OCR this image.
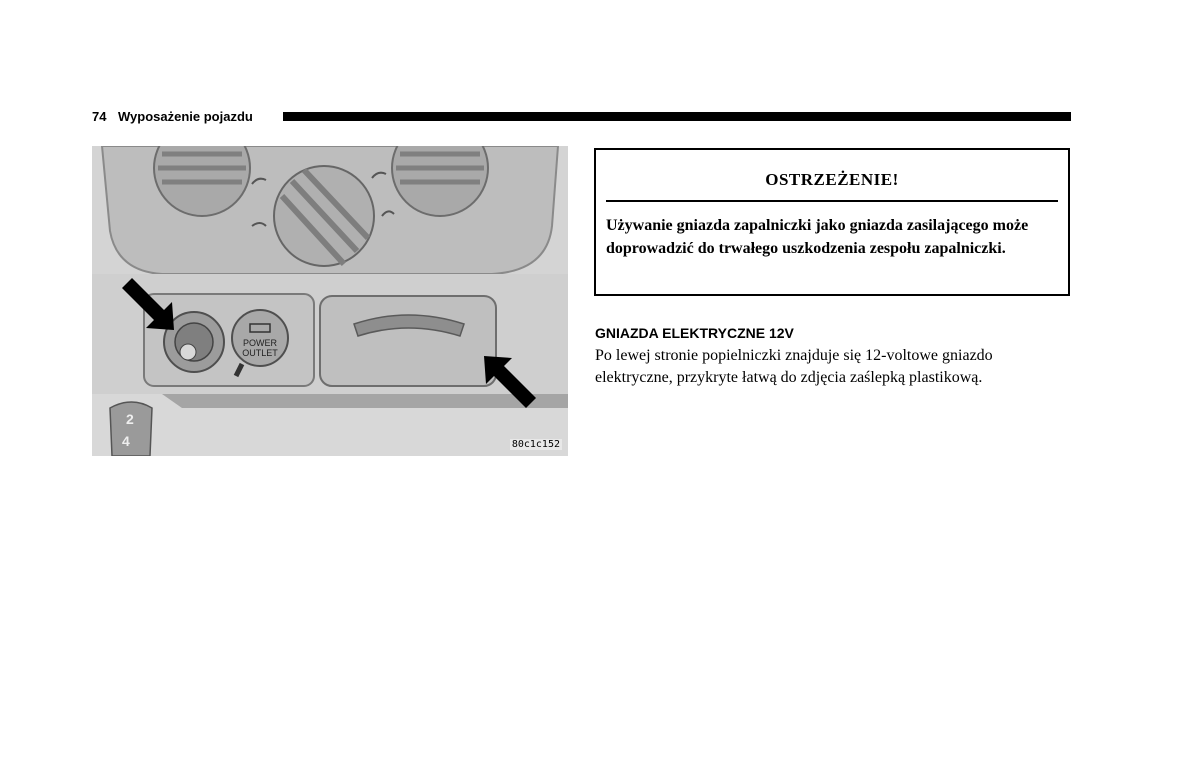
74 Wyposażenie pojazdu
POWER
OUTLET
2
4	80c1c152
OSTRZEŻENIE!
Używanie gniazda zapalniczki jako gniazda zasilającego może doprowadzić do trwałego uszkodzenia zespołu zapalniczki.
GNIAZDA ELEKTRYCZNE 12V
Po lewej stronie popielniczki znajduje się 12-voltowe gniazdo elektryczne, przykryte łatwą do zdjęcia zaślepką plastikową.
